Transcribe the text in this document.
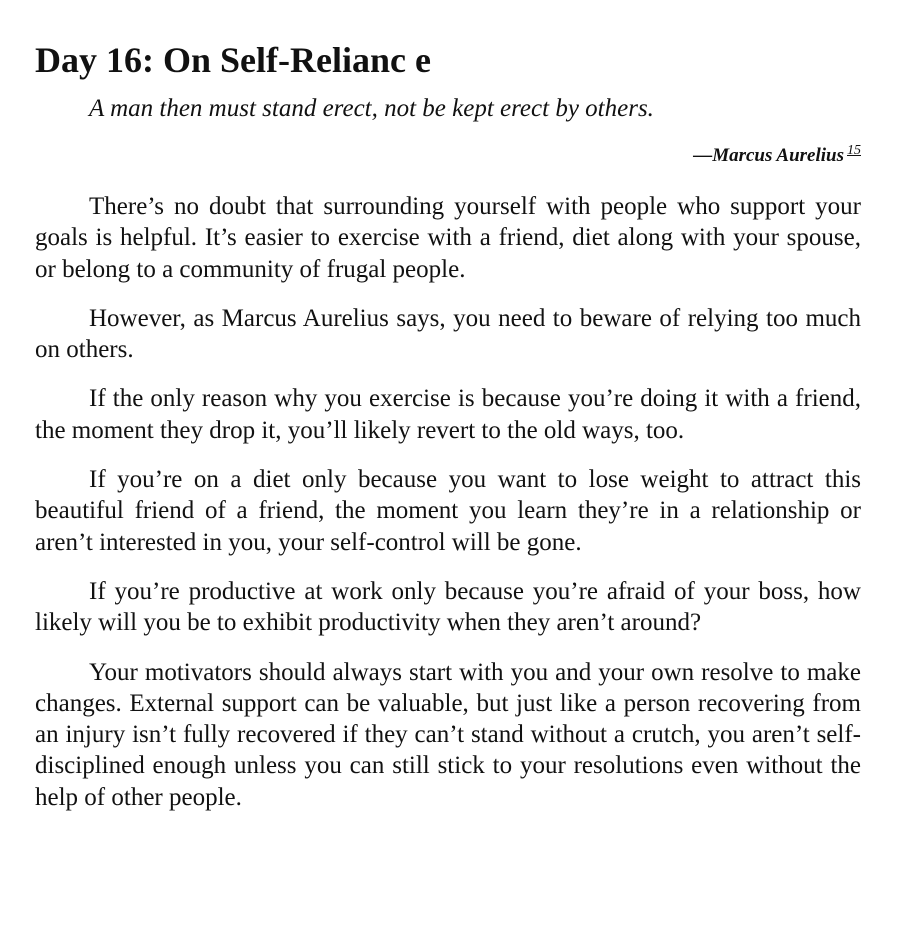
Day 16: On Self-Relianc e
A man then must stand erect, not be kept erect by others.
—Marcus Aurelius $^{15}$

There’s no doubt that surrounding yourself with people who support your goals is helpful. It’s easier to exercise with a friend, diet along with your spouse, or belong to a community of frugal people.

However, as Marcus Aurelius says, you need to beware of relying too much on others.

If the only reason why you exercise is because you’re doing it with a friend, the moment they drop it, you’ll likely revert to the old ways, too.

If you’re on a diet only because you want to lose weight to attract this beautiful friend of a friend, the moment you learn they’re in a relationship or aren’t interested in you, your self-control will be gone.

If you’re productive at work only because you’re afraid of your boss, how likely will you be to exhibit productivity when they aren’t around?

Your motivators should always start with you and your own resolve to make changes. External support can be valuable, but just like a person recovering from an injury isn’t fully recovered if they can’t stand without a crutch, you aren’t self-disciplined enough unless you can still stick to your resolutions even without the help of other people.
